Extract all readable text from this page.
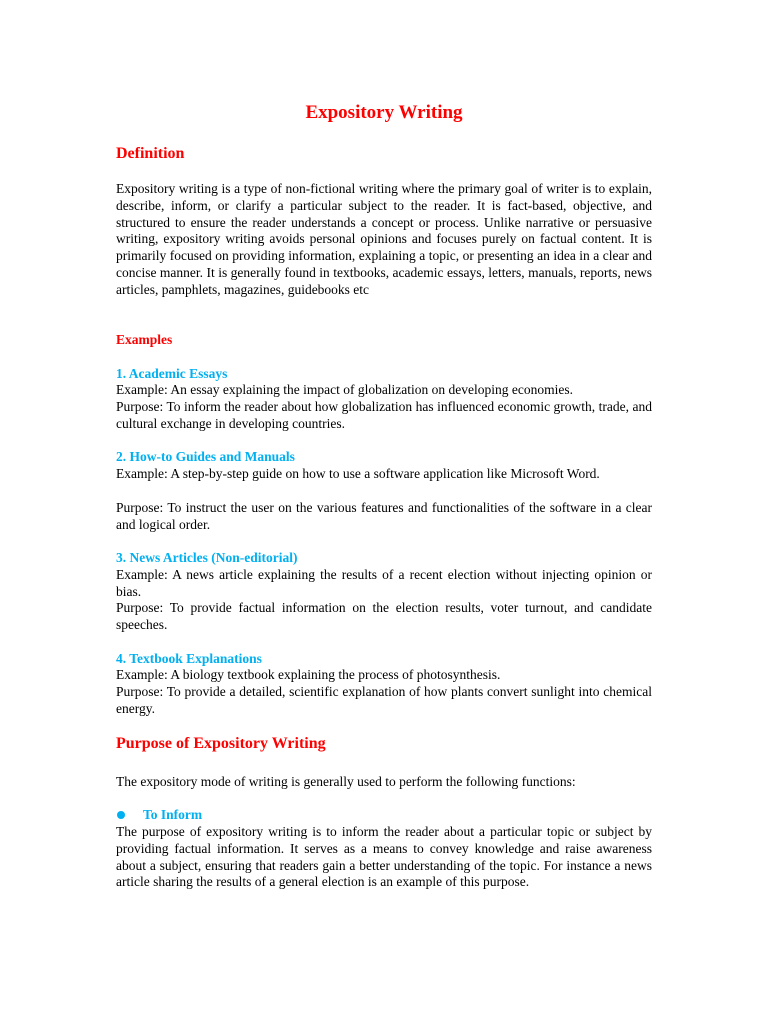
Expository Writing
Definition

Expository writing is a type of non-fictional writing where the primary goal of writer is to explain, describe, inform, or clarify a particular subject to the reader. It is fact-based, objective, and structured to ensure the reader understands a concept or process. Unlike narrative or persuasive writing, expository writing avoids personal opinions and focuses purely on factual content. It is primarily focused on providing information, explaining a topic, or presenting an idea in a clear and concise manner. It is generally found in textbooks, academic essays, letters, manuals, reports, news articles, pamphlets, magazines, guidebooks etc

Examples
1. Academic Essays

Example: An essay explaining the impact of globalization on developing economies.

Purpose: To inform the reader about how globalization has influenced economic growth, trade, and cultural exchange in developing countries.

2. How-to Guides and Manuals

Example: A step-by-step guide on how to use a software application like Microsoft Word.

Purpose: To instruct the user on the various features and functionalities of the software in a clear and logical order.

3. News Articles (Non-editorial)

Example: A news article explaining the results of a recent election without injecting opinion or bias.

Purpose: To provide factual information on the election results, voter turnout, and candidate speeches.

4. Textbook Explanations

Example: A biology textbook explaining the process of photosynthesis.

Purpose: To provide a detailed, scientific explanation of how plants convert sunlight into chemical energy.

Purpose of Expository Writing

The expository mode of writing is generally used to perform the following functions:

To Inform

The purpose of expository writing is to inform the reader about a particular topic or subject by providing factual information. It serves as a means to convey knowledge and raise awareness about a subject, ensuring that readers gain a better understanding of the topic. For instance a news article sharing the results of a general election is an example of this purpose.
